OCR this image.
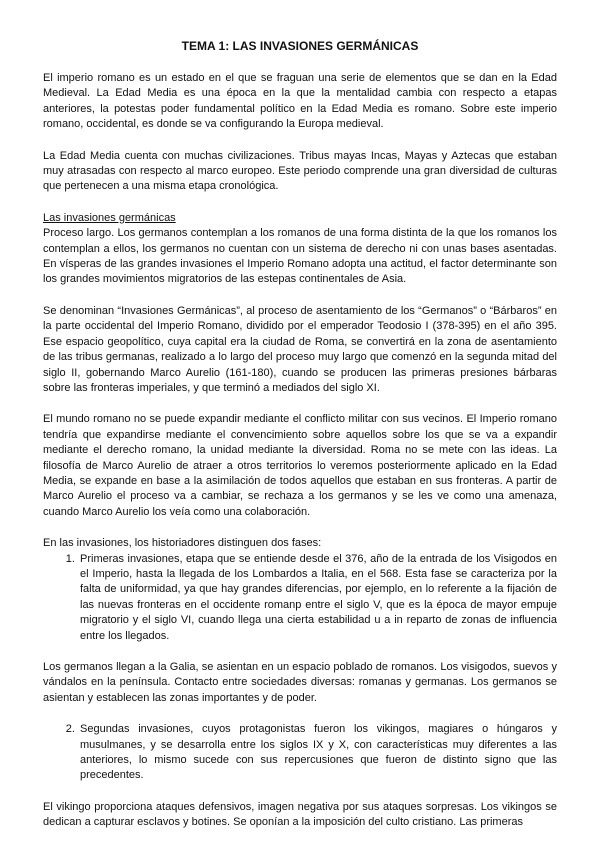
TEMA 1: LAS INVASIONES GERMÁNICAS

El imperio romano es un estado en el que se fraguan una serie de elementos que se dan en la Edad Medieval. La Edad Media es una época en la que la mentalidad cambia con respecto a etapas anteriores, la potestas poder fundamental político en la Edad Media es romano. Sobre este imperio romano, occidental, es donde se va configurando la Europa medieval.

La Edad Media cuenta con muchas civilizaciones. Tribus mayas Incas, Mayas y Aztecas que estaban muy atrasadas con respecto al marco europeo. Este periodo comprende una gran diversidad de culturas que pertenecen a una misma etapa cronológica.

Las invasiones germánicas

Proceso largo. Los germanos contemplan a los romanos de una forma distinta de la que los romanos los contemplan a ellos, los germanos no cuentan con un sistema de derecho ni con unas bases asentadas. En vísperas de las grandes invasiones el Imperio Romano adopta una actitud, el factor determinante son los grandes movimientos migratorios de las estepas continentales de Asia.

Se denominan “Invasiones Germánicas”, al proceso de asentamiento de los “Germanos” o “Bárbaros” en la parte occidental del Imperio Romano, dividido por el emperador Teodosio I (378-395) en el año 395. Ese espacio geopolítico, cuya capital era la ciudad de Roma, se convertirá en la zona de asentamiento de las tribus germanas, realizado a lo largo del proceso muy largo que comenzó en la segunda mitad del siglo II, gobernando Marco Aurelio (161-180), cuando se producen las primeras presiones bárbaras sobre las fronteras imperiales, y que terminó a mediados del siglo XI.

El mundo romano no se puede expandir mediante el conflicto militar con sus vecinos. El Imperio romano tendría que expandirse mediante el convencimiento sobre aquellos sobre los que se va a expandir mediante el derecho romano, la unidad mediante la diversidad. Roma no se mete con las ideas. La filosofía de Marco Aurelio de atraer a otros territorios lo veremos posteriormente aplicado en la Edad Media, se expande en base a la asimilación de todos aquellos que estaban en sus fronteras. A partir de Marco Aurelio el proceso va a cambiar, se rechaza a los germanos y se les ve como una amenaza, cuando Marco Aurelio los veía como una colaboración.

En las invasiones, los historiadores distinguen dos fases:

1. Primeras invasiones, etapa que se entiende desde el 376, año de la entrada de los Visigodos en el Imperio, hasta la llegada de los Lombardos a Italia, en el 568. Esta fase se caracteriza por la falta de uniformidad, ya que hay grandes diferencias, por ejemplo, en lo referente a la fijación de las nuevas fronteras en el occidente romanp entre el siglo V, que es la época de mayor empuje migratorio y el siglo VI, cuando llega una cierta estabilidad u a in reparto de zonas de influencia entre los llegados.

Los germanos llegan a la Galia, se asientan en un espacio poblado de romanos. Los visigodos, suevos y vándalos en la península. Contacto entre sociedades diversas: romanas y germanas. Los germanos se asientan y establecen las zonas importantes y de poder.

2. Segundas invasiones, cuyos protagonistas fueron los vikingos, magiares o húngaros y musulmanes, y se desarrolla entre los siglos IX y X, con características muy diferentes a las anteriores, lo mismo sucede con sus repercusiones que fueron de distinto signo que las precedentes.

El vikingo proporciona ataques defensivos, imagen negativa por sus ataques sorpresas. Los vikingos se dedican a capturar esclavos y botines. Se oponían a la imposición del culto cristiano. Las primeras
